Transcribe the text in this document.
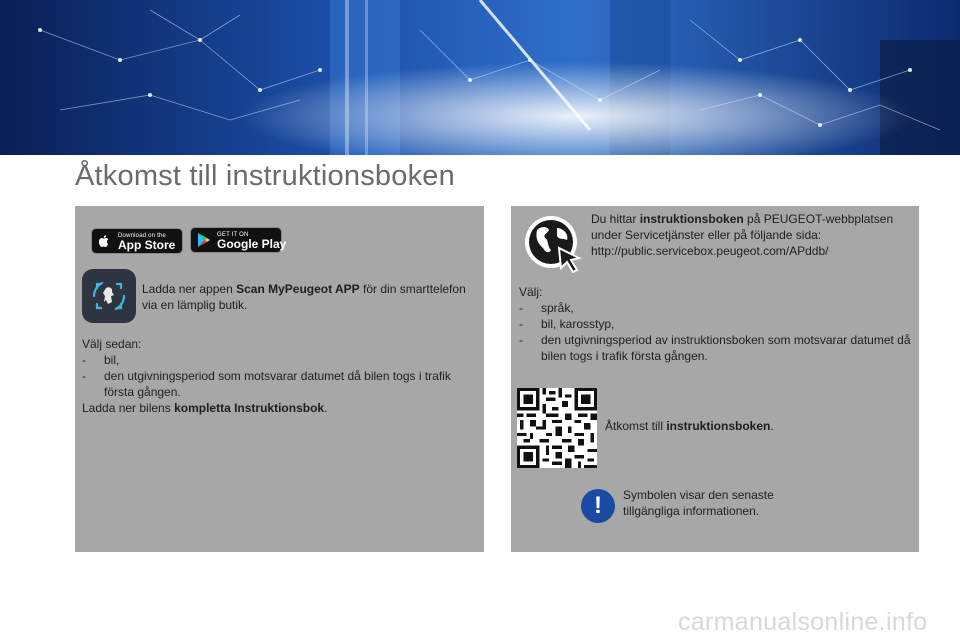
Åtkomst till instruktionsboken
Download on the
App Store
GET IT ON
Google Play
Ladda ner appen Scan MyPeugeot APP för din smarttelefon via en lämplig butik.
Välj sedan:
-	bil,
-	den utgivningsperiod som motsvarar datumet då bilen togs i trafik första gången.
Ladda ner bilens kompletta Instruktionsbok.
Du hittar instruktionsboken på PEUGEOT-webbplatsen under Servicetjänster eller på följande sida:
http://public.servicebox.peugeot.com/APddb/
Välj:
-	språk,
-	bil, karosstyp,
-	den utgivningsperiod av instruktionsboken som motsvarar datumet då bilen togs i trafik första gången.
Åtkomst till instruktionsboken.
!	Symbolen visar den senaste tillgängliga informationen.
carmanualsonline.info
